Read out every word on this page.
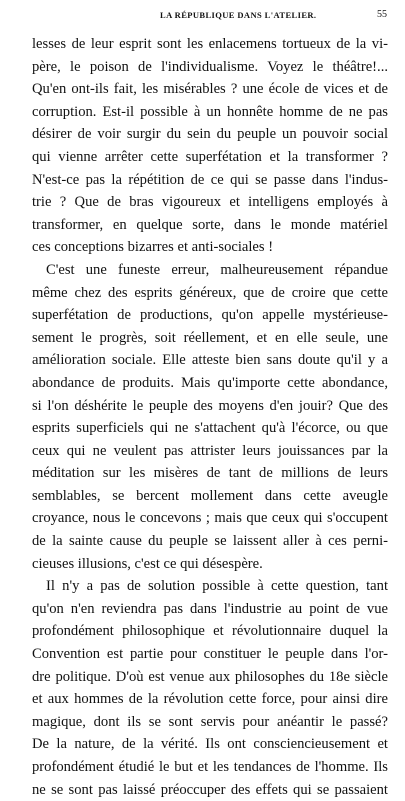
LA RÉPUBLIQUE DANS L'ATELIER.	55
lesses de leur esprit sont les enlacemens tortueux de la vi-
père, le poison de l'individualisme. Voyez le théâtre!...
Qu'en ont-ils fait, les misérables ? une école de vices et de
corruption. Est-il possible à un honnête homme de ne pas
désirer de voir surgir du sein du peuple un pouvoir social
qui vienne arrêter cette superfétation et la transformer ?
N'est-ce pas la répétition de ce qui se passe dans l'indus-
trie ? Que de bras vigoureux et intelligens employés à
transformer, en quelque sorte, dans le monde matériel
ces conceptions bizarres et anti-sociales !
C'est une funeste erreur, malheureusement répandue
même chez des esprits généreux, que de croire que cette
superfétation de productions, qu'on appelle mystérieuse-
sement le progrès, soit réellement, et en elle seule, une
amélioration sociale. Elle atteste bien sans doute qu'il y a
abondance de produits. Mais qu'importe cette abondance,
si l'on déshérite le peuple des moyens d'en jouir? Que des
esprits superficiels qui ne s'attachent qu'à l'écorce, ou que
ceux qui ne veulent pas attrister leurs jouissances par la
méditation sur les misères de tant de millions de leurs
semblables, se bercent mollement dans cette aveugle
croyance, nous le concevons ; mais que ceux qui s'occupent
de la sainte cause du peuple se laissent aller à ces perni-
cieuses illusions, c'est ce qui désespère.
Il n'y a pas de solution possible à cette question, tant
qu'on n'en reviendra pas dans l'industrie au point de vue
profondément philosophique et révolutionnaire duquel la
Convention est partie pour constituer le peuple dans l'or-
dre politique. D'où est venue aux philosophes du 18e siècle
et aux hommes de la révolution cette force, pour ainsi dire
magique, dont ils se sont servis pour anéantir le passé?
De la nature, de la vérité. Ils ont consciencieusement et
profondément étudié le but et les tendances de l'homme. Ils
ne se sont pas laissé préoccuper des effets qui se passaient
